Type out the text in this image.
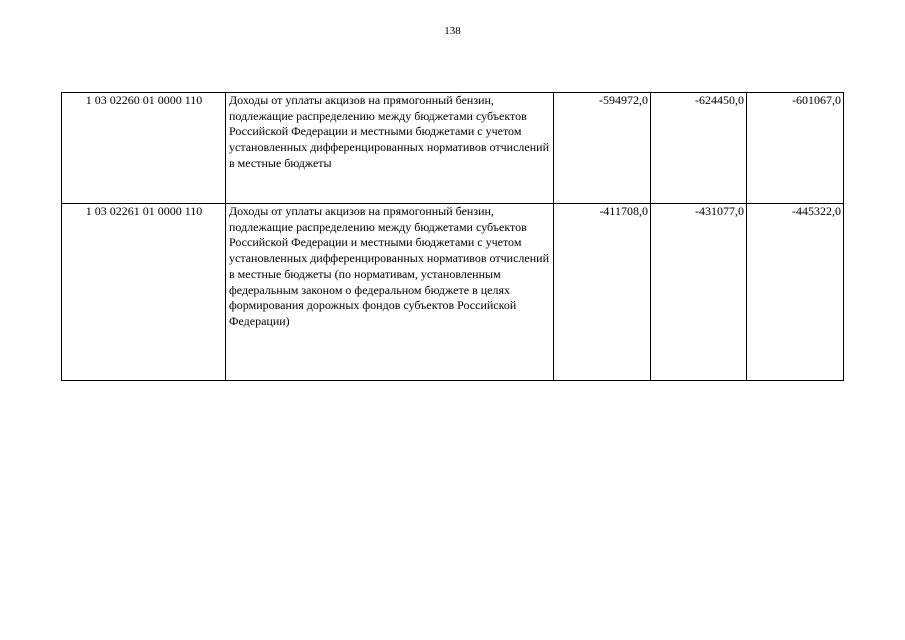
138
1 03 02260 01 0000 110	Доходы от уплаты акцизов на прямогонный бензин, подлежащие распределению между бюджетами субъектов Российской Федерации и местными бюджетами с учетом установленных дифференцированных нормативов отчислений в местные бюджеты	-594972,0	-624450,0	-601067,0
1 03 02261 01 0000 110	Доходы от уплаты акцизов на прямогонный бензин, подлежащие распределению между бюджетами субъектов Российской Федерации и местными бюджетами с учетом установленных дифференцированных нормативов отчислений в местные бюджеты (по нормативам, установленным федеральным законом о федеральном бюджете в целях формирования дорожных фондов субъектов Российской Федерации)	-411708,0	-431077,0	-445322,0
